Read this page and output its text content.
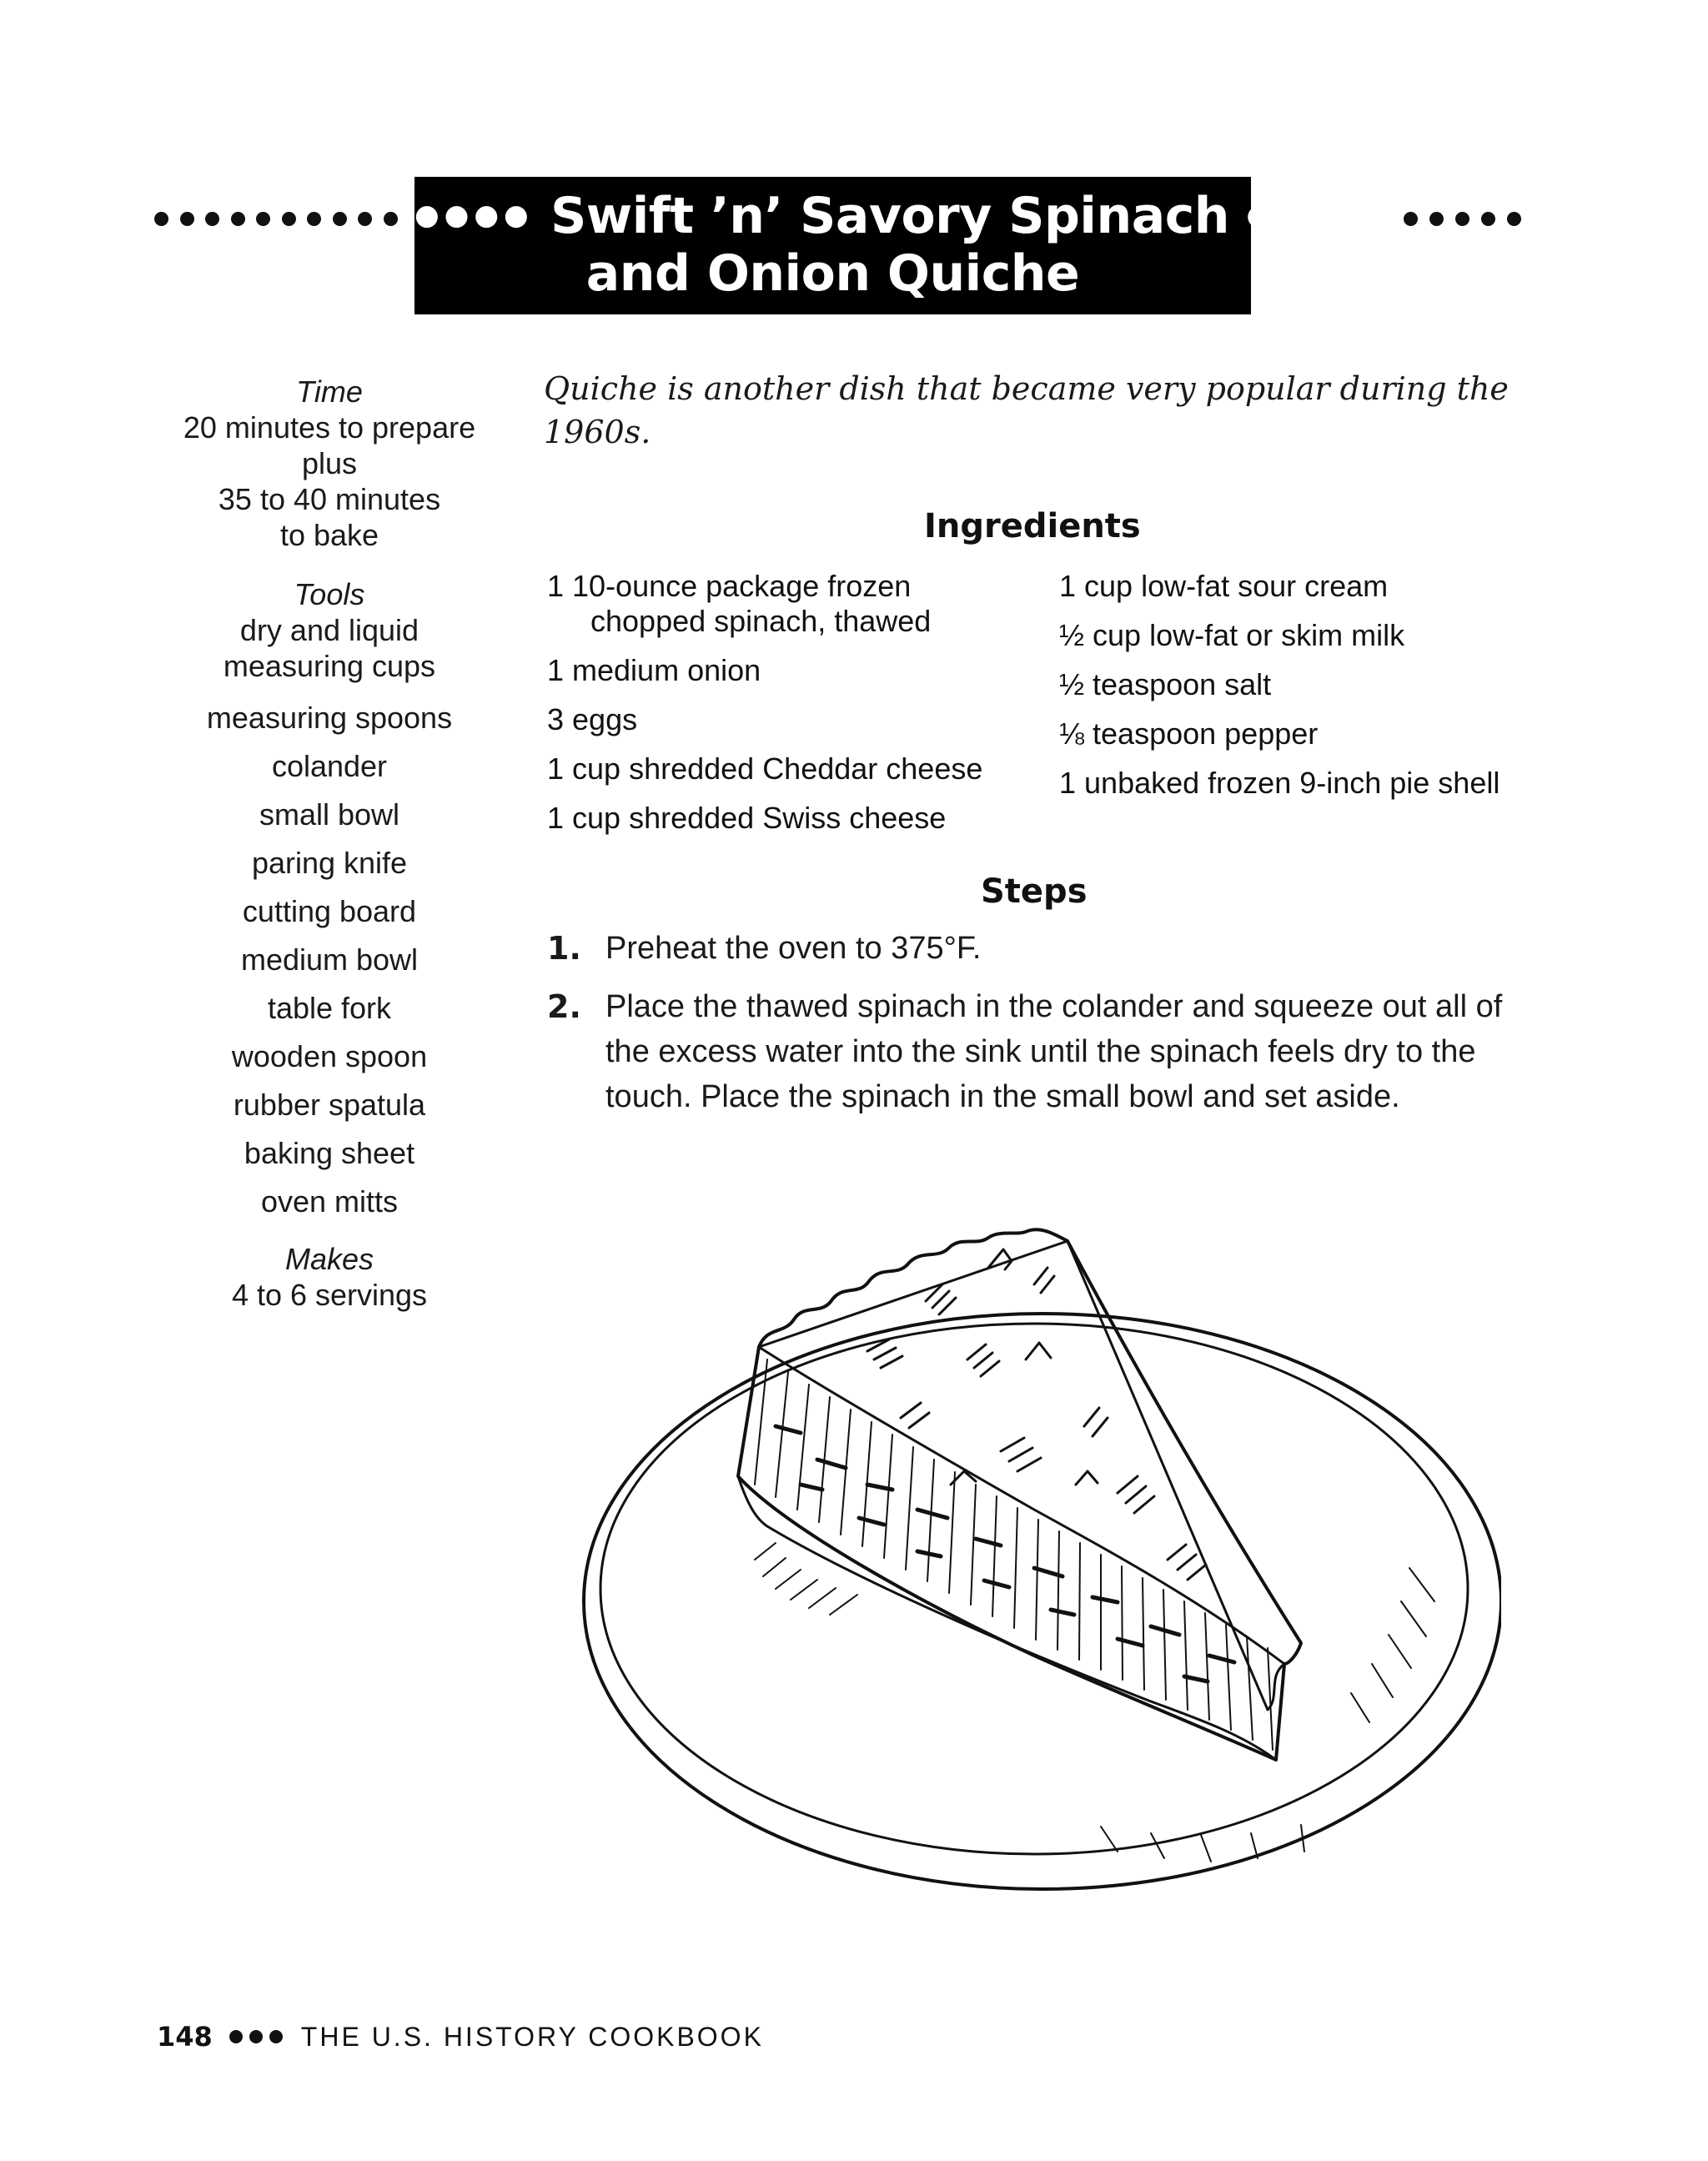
●●●● Swift ’n’ Savory Spinach ●●●●
and Onion Quiche
Time
20 minutes to prepare
plus
35 to 40 minutes
to bake
Tools
dry and liquid
measuring cups
measuring spoons
colander
small bowl
paring knife
cutting board
medium bowl
table fork
wooden spoon
rubber spatula
baking sheet
oven mitts
Makes
4 to 6 servings
Quiche is another dish that became very popular during the 1960s.
Ingredients
1 10-ounce package frozen
chopped spinach, thawed
1 medium onion
3 eggs
1 cup shredded Cheddar cheese
1 cup shredded Swiss cheese
1 cup low-fat sour cream
½ cup low-fat or skim milk
½ teaspoon salt
⅛ teaspoon pepper
1 unbaked frozen 9-inch pie shell
Steps
1. Preheat the oven to 375°F.
2. Place the thawed spinach in the colander and squeeze out all of the excess water into the sink until the spinach feels dry to the touch. Place the spinach in the small bowl and set aside.
148	THE U.S. HISTORY COOKBOOK
